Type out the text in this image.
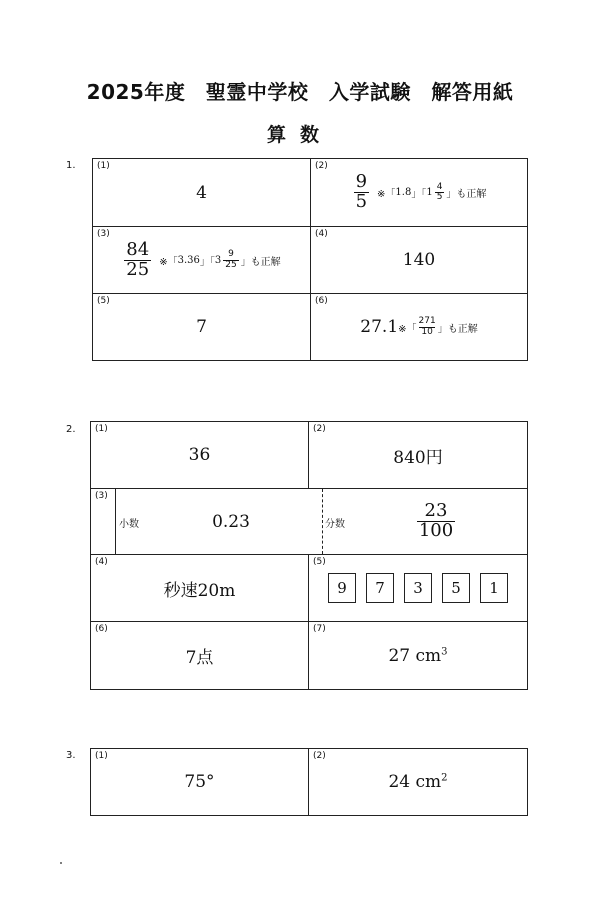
2025年度　聖霊中学校　入学試験　解答用紙
算数
1. (1)
4
(2)
$\frac{9}{5}$ ※「 1.8 」「 $1 \frac{4}{5}$ 」も正解
(3)
$\frac{84}{25}$ ※「 3.36 」「 $3 \frac{9}{25}$ 」も正解
(4)
140
(5)
7
(6)
27.1 ※「 $\frac{271}{10}$ 」も正解
2. (1)
36
(2)
840円
(3)
小数	0.23	分数	$\frac{23}{100}$
(4)
秒速20m
(5)
9	7	3	5	1
(6)
7点
(7)
27 $cm^3$
3. (1)
75°
(2)
24 $cm^2$
